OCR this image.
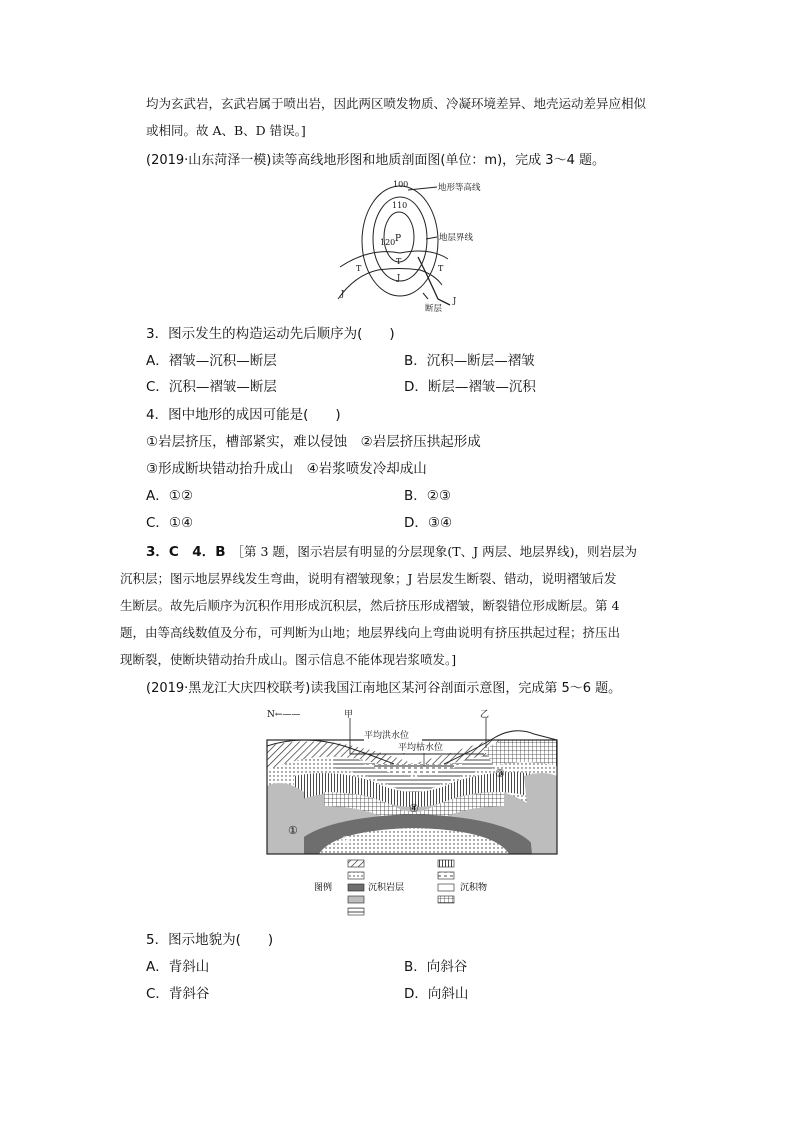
均为玄武岩，玄武岩属于喷出岩，因此两区喷发物质、冷凝环境差异、地壳运动差异应相似
或相同。故 A、B、D 错误。]
(2019·山东菏泽一模)读等高线地形图和地质剖面图(单位：m)，完成 3～4 题。
100
110
120 P
T
T
T
J
J
J
地形等高线
地层界线
断层
3．图示发生的构造运动先后顺序为(　　)
A．褶皱—沉积—断层	B．沉积—断层—褶皱
C．沉积—褶皱—断层	D．断层—褶皱—沉积
4．图中地形的成因可能是(　　)
①岩层挤压，槽部紧实，难以侵蚀　②岩层挤压拱起形成
③形成断块错动抬升成山　④岩浆喷发冷却成山
A．①②	B．②③
C．①④	D．③④
3．C　4．B ［第 3 题，图示岩层有明显的分层现象(T、J 两层、地层界线)，则岩层为
沉积层；图示地层界线发生弯曲，说明有褶皱现象；J 岩层发生断裂、错动，说明褶皱后发
生断层。故先后顺序为沉积作用形成沉积层，然后挤压形成褶皱，断裂错位形成断层。第 4
题，由等高线数值及分布，可判断为山地；地层界线向上弯曲说明有挤压拱起过程；挤压出
现断裂，使断块错动抬升成山。图示信息不能体现岩浆喷发。]
(2019·黑龙江大庆四校联考)读我国江南地区某河谷剖面示意图，完成第 5～6 题。
N←——	甲	乙
平均洪水位
平均枯水位
①
②
③
④
图例	沉积岩层	沉积物
5．图示地貌为(　　)
A．背斜山	B．向斜谷
C．背斜谷	D．向斜山
